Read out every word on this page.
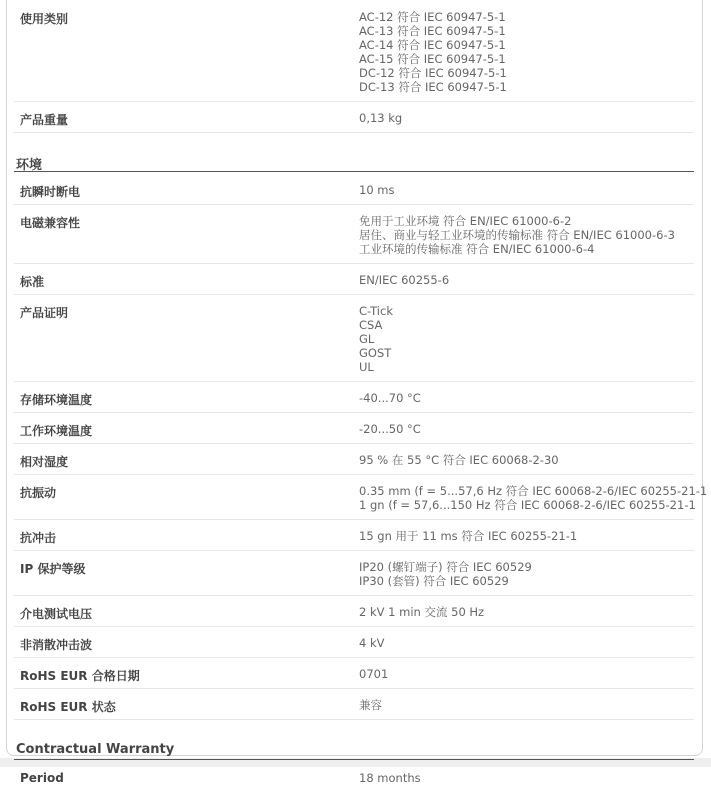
使用类别	AC-12 符合 IEC 60947-5-1
AC-13 符合 IEC 60947-5-1
AC-14 符合 IEC 60947-5-1
AC-15 符合 IEC 60947-5-1
DC-12 符合 IEC 60947-5-1
DC-13 符合 IEC 60947-5-1
产品重量	0,13 kg
环境
抗瞬时断电	10 ms
电磁兼容性	免用于工业环境 符合 EN/IEC 61000-6-2
居住、商业与轻工业环境的传输标准 符合 EN/IEC 61000-6-3
工业环境的传输标准 符合 EN/IEC 61000-6-4
标准	EN/IEC 60255-6
产品证明	C-Tick
CSA
GL
GOST
UL
存储环境温度	-40...70 °C
工作环境温度	-20...50 °C
相对湿度	95 % 在 55 °C 符合 IEC 60068-2-30
抗振动	0.35 mm (f = 5...57,6 Hz 符合 IEC 60068-2-6/IEC 60255-21-1
1 gn (f = 57,6...150 Hz 符合 IEC 60068-2-6/IEC 60255-21-1
抗冲击	15 gn 用于 11 ms 符合 IEC 60255-21-1
IP 保护等级	IP20 (螺钉端子) 符合 IEC 60529
IP30 (套管) 符合 IEC 60529
介电测试电压	2 kV 1 min 交流 50 Hz
非消散冲击波	4 kV
RoHS EUR 合格日期	0701
RoHS EUR 状态	兼容
Contractual Warranty
Period	18 months
